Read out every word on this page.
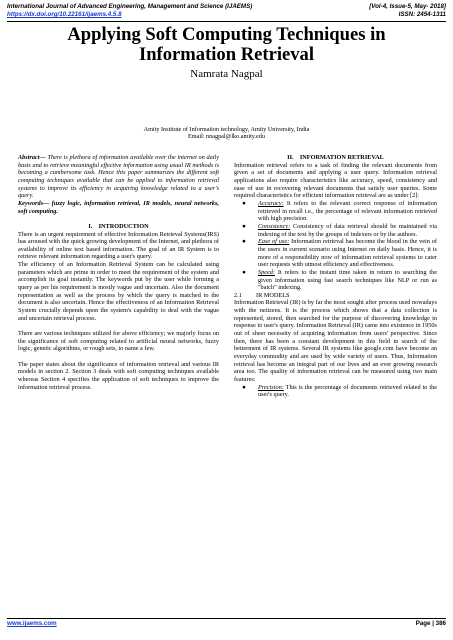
International Journal of Advanced Engineering, Management and Science (IJAEMS)	[Vol-4, Issue-5, May- 2018]
https://dx.doi.org/10.22161/ijaems.4.5.8	ISSN: 2454-1311
Applying Soft Computing Techniques in
Information Retrieval
Namrata Nagpal
Amity Institute of Information technology, Amity University, India
Email: nnagpal@lko.amity.edu

Abstract— There is plethora of information available over the internet on daily basis and to retrieve meaningful effective information using usual IR methods is becoming a cumbersome task. Hence this paper summarizes the different soft computing techniques available that can be applied to information retrieval systems to improve its efficiency in acquiring knowledge related to a user's query.

Keywords— fuzzy logic, information retrieval, IR models, neural networks, soft computing.

I.    INTRODUCTION

There is an urgent requirement of effective Information Retrieval Systems(IRS) has aroused with the quick growing development of the Internet, and plethora of availability of online text based information. The goal of an IR System is to retrieve relevant information regarding a user's query.

The efficiency of an Information Retrieval System can be calculated using parameters which are prime in order to meet the requirement of the system and accomplish its goal instantly. The keywords put by the user while forming a query as per his requirement is mostly vague and uncertain. Also the document representation as well as the process by which the query is matched to the document is also uncertain. Hence the effectiveness of an Information Retrieval System crucially depends upon the system's capability to deal with the vague and uncertain retrieval process.

There are various techniques utilized for above efficiency; we majorly focus on the significance of soft computing related to artificial neural networks, fuzzy logic, genetic algorithms, or rough sets, to name a few.

The paper states about the significance of information retrieval and various IR models in section 2. Section 3 deals with soft computing techniques available whereas Section 4 specifies the application of soft techniques to improve the information retrieval process.

II.    INFORMATION RETRIEVAL

Information retrieval refers to a task of finding the relevant documents from given a set of documents and applying a user query. Information retrieval applications also require characteristics like accuracy, speed, consistency and ease of use in recovering relevant documents that satisfy user queries. Some required characteristics for efficient information retrieval are as under [2]:

● Accuracy: It refers to the relevant correct response of information retrieved in recall i.e., the percentage of relevant information retrieved with high precision.
● Consistency: Consistency of data retrieval should be maintained via indexing of the text by the groups of indexers or by the authors.
● Ease of use: Information retrieval has become the blood in the vein of the users in current scenario using Internet on daily basis. Hence, it is more of a responsibility now of information retrieval systems to cater user requests with utmost efficiency and effectiveness.
● Speed: It refers to the instant time taken in return to searching the given information using fast search techniques like NLP or run as "batch" indexing.

2.1 IR MODELS

Information Retrieval (IR) is by far the most sought after process used nowadays with the netizens. It is the process which shows that a data collection is represented, stored, then searched for the purpose of discovering knowledge in response to user's query. Information Retrieval (IR) came into existence in 1950s out of sheer necessity of acquiring information from users' perspective. Since then, there has been a constant development in this field in search of the betterment of IR systems. Several IR systems like google.com have become an everyday commodity and are used by wide variety of users. Thus, Information retrieval has become an integral part of our lives and an ever growing research area too. The quality of information retrieval can be measured using two main features:

● Precision: This is the percentage of documents retrieved related to the user's query.
www.ijaems.com	Page | 386
